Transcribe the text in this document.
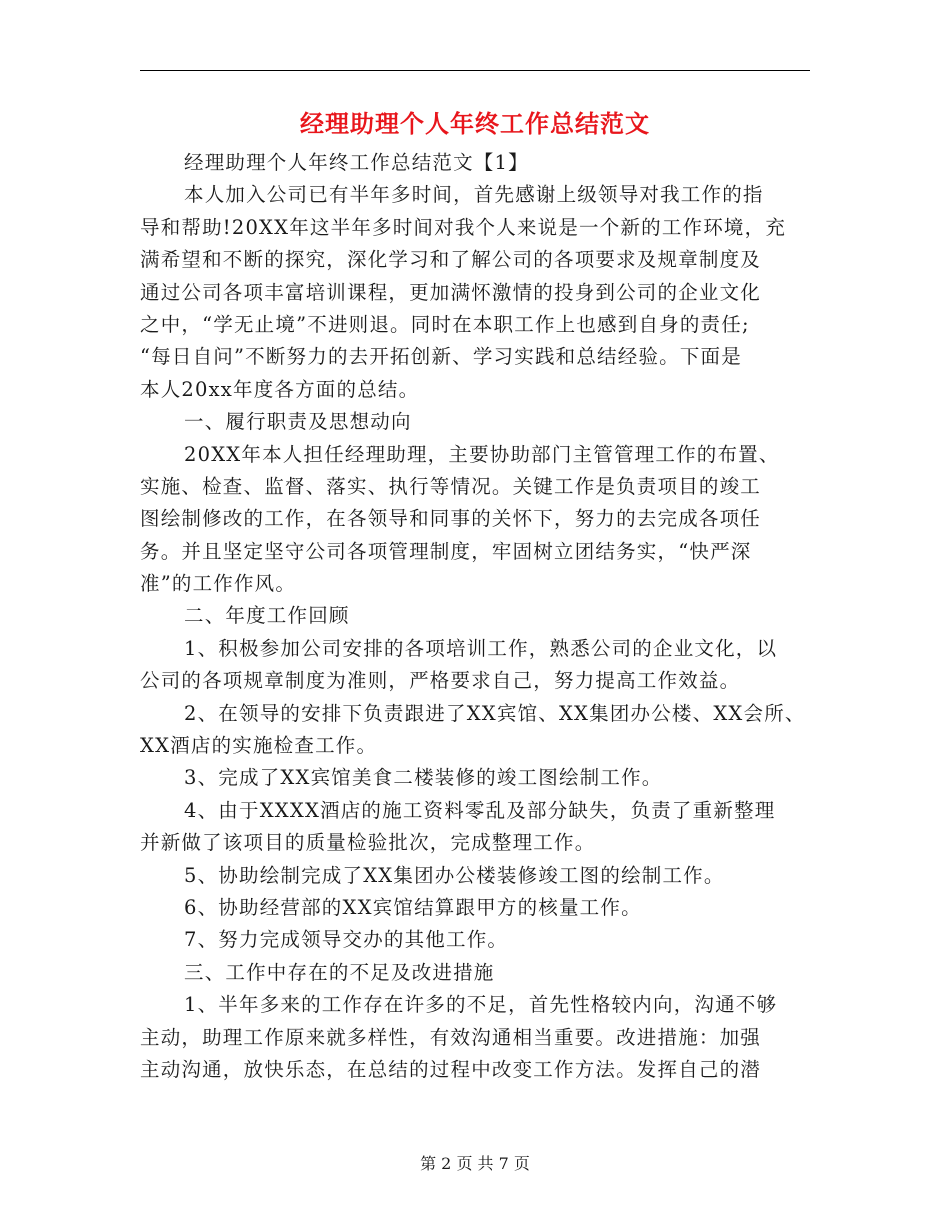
经理助理个人年终工作总结范文
经理助理个人年终工作总结范文【1】
本人加入公司已有半年多时间，首先感谢上级领导对我工作的指
导和帮助!20XX年这半年多时间对我个人来说是一个新的工作环境，充
满希望和不断的探究，深化学习和了解公司的各项要求及规章制度及
通过公司各项丰富培训课程，更加满怀激情的投身到公司的企业文化
之中，“学无止境”不进则退。同时在本职工作上也感到自身的责任;
“每日自问”不断努力的去开拓创新、学习实践和总结经验。下面是
本人20xx年度各方面的总结。
一、履行职责及思想动向
20XX年本人担任经理助理，主要协助部门主管管理工作的布置、
实施、检查、监督、落实、执行等情况。关键工作是负责项目的竣工
图绘制修改的工作，在各领导和同事的关怀下，努力的去完成各项任
务。并且坚定坚守公司各项管理制度，牢固树立团结务实，“快严深
准”的工作作风。
二、年度工作回顾
1、积极参加公司安排的各项培训工作，熟悉公司的企业文化，以
公司的各项规章制度为准则，严格要求自己，努力提高工作效益。
2、在领导的安排下负责跟进了XX宾馆、XX集团办公楼、XX会所、
XX酒店的实施检查工作。
3、完成了XX宾馆美食二楼装修的竣工图绘制工作。
4、由于XXXX酒店的施工资料零乱及部分缺失，负责了重新整理
并新做了该项目的质量检验批次，完成整理工作。
5、协助绘制完成了XX集团办公楼装修竣工图的绘制工作。
6、协助经营部的XX宾馆结算跟甲方的核量工作。
7、努力完成领导交办的其他工作。
三、工作中存在的不足及改进措施
1、半年多来的工作存在许多的不足，首先性格较内向，沟通不够
主动，助理工作原来就多样性，有效沟通相当重要。改进措施：加强
主动沟通，放快乐态，在总结的过程中改变工作方法。发挥自己的潜
第 2 页 共 7 页
